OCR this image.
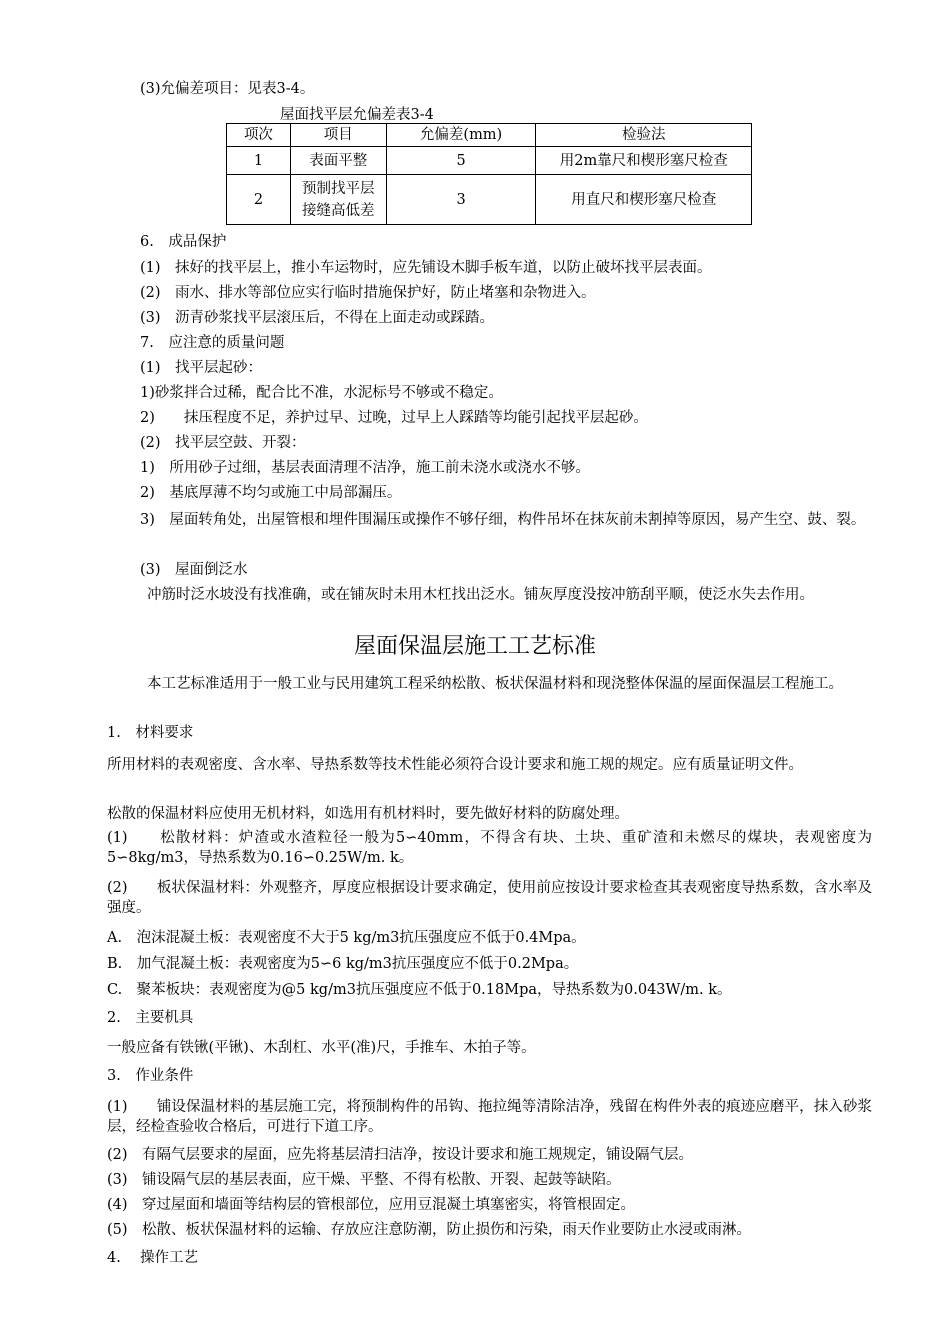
(3)允偏差项目：见表3-4。
屋面找平层允偏差表3-4
项次	项目	允偏差(mm)	检验法
1	表面平整	5	用2m靠尺和楔形塞尺检查
2	预制找平层
接缝高低差	3	用直尺和楔形塞尺检查
6.　成品保护
(1)　抹好的找平层上，推小车运物时，应先铺设木脚手板车道，以防止破坏找平层表面。
(2)　雨水、排水等部位应实行临时措施保护好，防止堵塞和杂物进入。
(3)　沥青砂浆找平层滚压后，不得在上面走动或踩踏。
7.　应注意的质量问题
(1)　找平层起砂：
1)砂浆拌合过稀，配合比不准，水泥标号不够或不稳定。
2)　　抹压程度不足，养护过早、过晚，过早上人踩踏等均能引起找平层起砂。
(2)　找平层空鼓、开裂：
1)　所用砂子过细，基层表面清理不洁净，施工前未浇水或浇水不够。
2)　基底厚薄不均匀或施工中局部漏压。
3)　屋面转角处，出屋管根和埋件围漏压或操作不够仔细，构件吊坏在抹灰前未割掉等原因，易产生空、鼓、裂。
(3)　屋面倒泛水
冲筋时泛水坡没有找准确，或在铺灰时未用木杠找出泛水。铺灰厚度没按冲筋刮平顺，使泛水失去作用。
屋面保温层施工工艺标准
本工艺标准适用于一般工业与民用建筑工程采纳松散、板状保温材料和现浇整体保温的屋面保温层工程施工。
1.　材料要求
所用材料的表观密度、含水率、导热系数等技术性能必须符合设计要求和施工规的规定。应有质量证明文件。
松散的保温材料应使用无机材料，如选用有机材料时，要先做好材料的防腐处理。
(1)　　松散材料：炉渣或水渣粒径一般为5∽40mm，不得含有块、土块、重矿渣和未燃尽的煤块，表观密度为5∽8kg/m3，导热系数为0.16∽0.25W/m. k。
(2)　　板状保温材料：外观整齐，厚度应根据设计要求确定，使用前应按设计要求检查其表观密度导热系数，含水率及强度。
A.　泡沫混凝土板：表观密度不大于5 kg/m3抗压强度应不低于0.4Mpa。
B.　加气混凝土板：表观密度为5∽6 kg/m3抗压强度应不低于0.2Mpa。
C.　聚苯板块：表观密度为@5 kg/m3抗压强度应不低于0.18Mpa，导热系数为0.043W/m. k。
2.　主要机具
一般应备有铁锹(平锹)、木刮杠、水平(准)尺，手推车、木拍子等。
3.　作业条件
(1)　　铺设保温材料的基层施工完，将预制构件的吊钩、拖拉绳等清除洁净，残留在构件外表的痕迹应磨平，抹入砂浆层，经检查验收合格后，可进行下道工序。
(2)　有隔气层要求的屋面，应先将基层清扫洁净，按设计要求和施工规规定，铺设隔气层。
(3)　铺设隔气层的基层表面，应干燥、平整、不得有松散、开裂、起鼓等缺陷。
(4)　穿过屋面和墙面等结构层的管根部位，应用豆混凝土填塞密实，将管根固定。
(5)　松散、板状保温材料的运输、存放应注意防潮，防止损伤和污染，雨天作业要防止水浸或雨淋。
4.　 操作工艺
